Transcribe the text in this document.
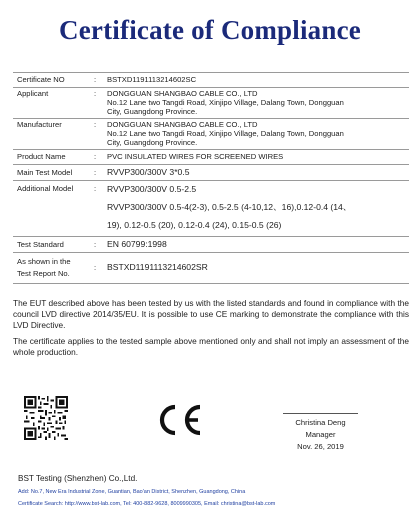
Certificate of Compliance
Certificate NO	: BSTXD1191113214602SC
Applicant	: DONGGUAN SHANGBAO CABLE CO., LTD
No.12 Lane two Tangdi Road, Xinjipo Village, Dalang Town, Dongguan
City, Guangdong Province.
Manufacturer	: DONGGUAN SHANGBAO CABLE CO., LTD
No.12 Lane two Tangdi Road, Xinjipo Village, Dalang Town, Dongguan
City, Guangdong Province.
Product Name	: PVC INSULATED WIRES FOR SCREENED WIRES
Main Test Model	: RVVP300/300V 3*0.5
Additional Model	: RVVP300/300V 0.5-2.5
RVVP300/300V 0.5-4(2-3), 0.5-2.5 (4-10,12、16),0.12-0.4 (14、
19), 0.12-0.5 (20), 0.12-0.4 (24), 0.15-0.5 (26)
Test Standard	: EN 60799:1998
As shown in the
Test Report No.
: BSTXD1191113214602SR
The EUT described above has been tested by us with the listed standards and found in compliance with the council LVD directive 2014/35/EU. It is possible to use CE marking to demonstrate the compliance with this LVD Directive.
The certificate applies to the tested sample above mentioned only and shall not imply an assessment of the whole production.
Christina Deng
Manager
Nov. 26, 2019
BST Testing (Shenzhen) Co.,Ltd.
Add: No.7, New Era Industrial Zone, Guantian, Bao'an District, Shenzhen, Guangdong, China
Certificate Search: http://www.bst-lab.com, Tel: 400-882-9628, 8009990305, Email: christina@bst-lab.com
